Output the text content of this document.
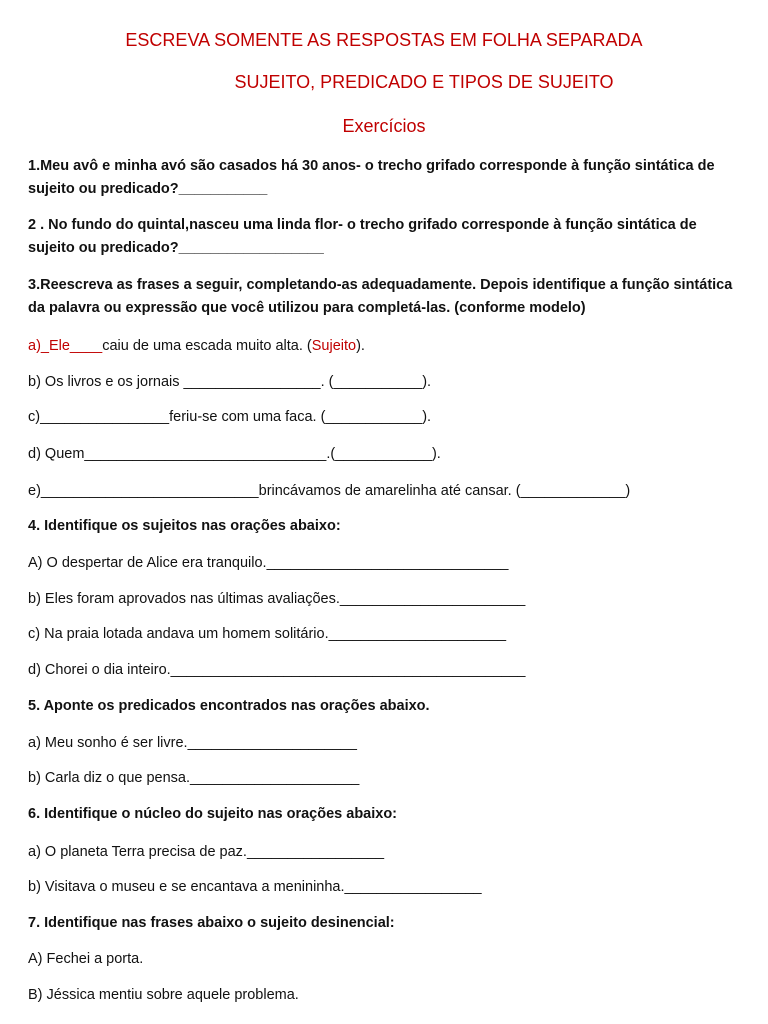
ESCREVA SOMENTE AS RESPOSTAS EM FOLHA SEPARADA
SUJEITO, PREDICADO E TIPOS DE SUJEITO
Exercícios
1.Meu avô e minha avó são casados há 30 anos- o trecho grifado corresponde à função sintática de sujeito ou predicado?___________
2 . No fundo do quintal,nasceu uma linda flor- o trecho grifado corresponde à função sintática de sujeito ou predicado?__________________
3.Reescreva as frases a seguir, completando-as adequadamente. Depois identifique a função sintática da palavra ou expressão que você utilizou para completá-las. (conforme modelo)
a)_Ele____caiu de uma escada muito alta. (Sujeito).
b) Os livros e os jornais _________________. (___________).
c)________________feriu-se com uma faca. (____________).
d) Quem______________________________.(____________).
e)___________________________brincávamos de amarelinha até cansar. (_____________)
4. Identifique os sujeitos nas orações abaixo:
A) O despertar de Alice era tranquilo.______________________________
b) Eles foram aprovados nas últimas avaliações._______________________
c) Na praia lotada andava um homem solitário.______________________
d) Chorei o dia inteiro.____________________________________________
5. Aponte os predicados encontrados nas orações abaixo.
a) Meu sonho é ser livre._____________________
b) Carla diz o que pensa._____________________
6. Identifique o núcleo do sujeito nas orações abaixo:
a) O planeta Terra precisa de paz._________________
b) Visitava o museu e se encantava a menininha._________________
7. Identifique nas frases abaixo o sujeito desinencial:
A) Fechei a porta.
B) Jéssica mentiu sobre aquele problema.
